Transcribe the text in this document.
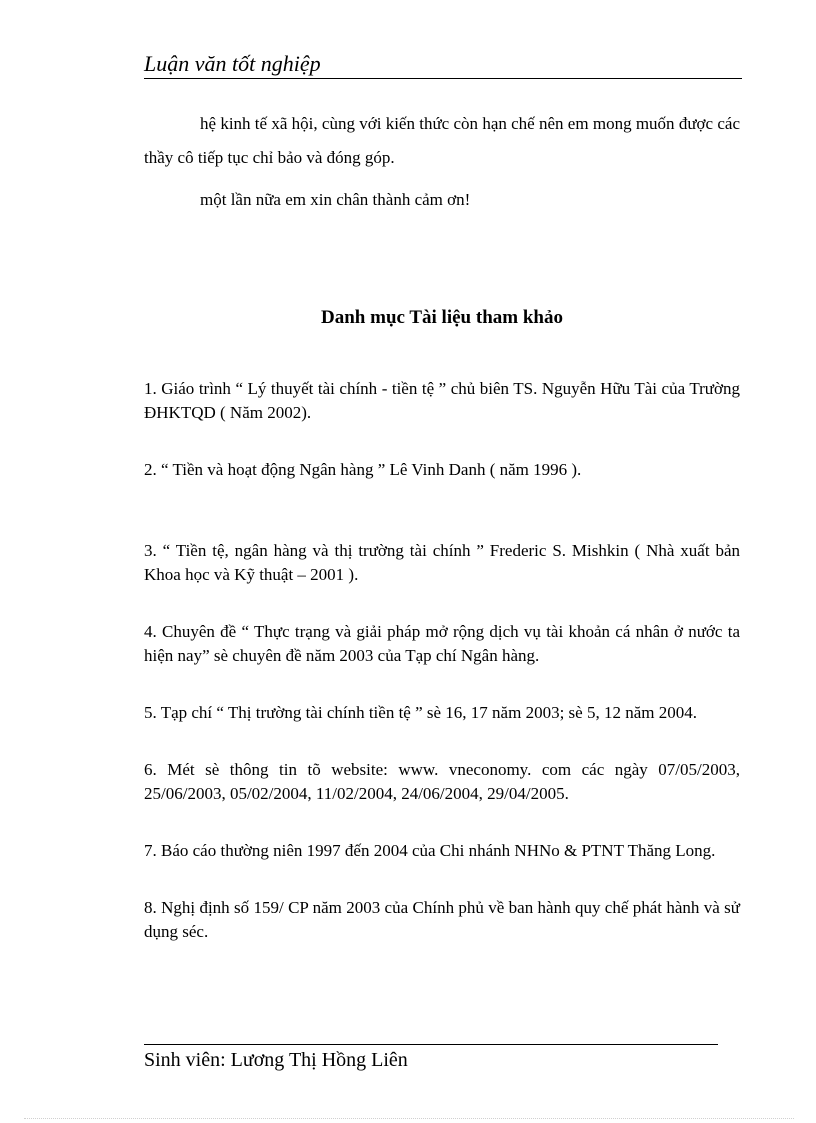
Luận văn tốt nghiệp

hệ kinh tế xã hội, cùng với kiến thức còn hạn chế nên em mong muốn được các thầy cô tiếp tục chỉ bảo và đóng góp.

một lần nữa em xin chân thành cảm ơn!

Danh mục Tài liệu tham khảo
1. Giáo trình “ Lý thuyết tài chính - tiền tệ ” chủ biên TS. Nguyễn Hữu Tài của Trường ĐHKTQD ( Năm 2002).
2. “ Tiền và hoạt động Ngân hàng ” Lê Vinh Danh ( năm 1996 ).
3. “ Tiền tệ, ngân hàng và thị trường tài chính ” Frederic S. Mishkin ( Nhà xuất bản Khoa học và Kỹ thuật – 2001 ).
4. Chuyên đề “ Thực trạng và giải pháp mở rộng dịch vụ tài khoản cá nhân ở nước ta hiện nay” sè chuyên đề năm 2003 của Tạp chí Ngân hàng.
5. Tạp chí “ Thị trường tài chính tiền tệ ” sè 16, 17 năm 2003; sè 5, 12 năm 2004.
6. Mét sè thông tin tõ website: www. vneconomy. com các ngày 07/05/2003, 25/06/2003, 05/02/2004, 11/02/2004, 24/06/2004, 29/04/2005.
7. Báo cáo thường niên 1997 đến 2004 của Chi nhánh NHNo & PTNT Thăng Long.
8. Nghị định số 159/ CP năm 2003 của Chính phủ về ban hành quy chế phát hành và sử dụng séc.
Sinh viên: Lương Thị Hồng Liên
